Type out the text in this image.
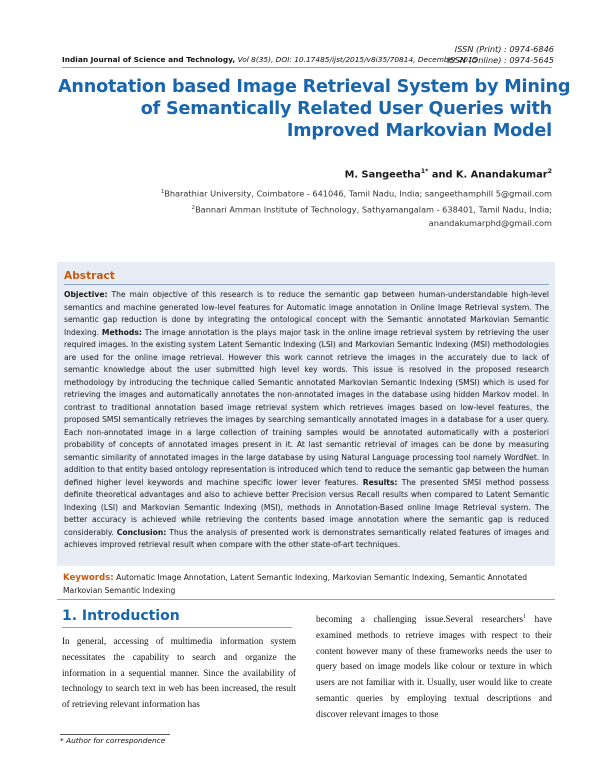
ISSN (Print) : 0974-6846
ISSN (Online) : 0974-5645
Indian Journal of Science and Technology, Vol 8(35), DOI: 10.17485/ijst/2015/v8i35/70814, December 2015
Annotation based Image Retrieval System by Mining
of Semantically Related User Queries with
Improved Markovian Model
M. Sangeetha$^{1*}$ and K. Anandakumar$^2$
$^1$Bharathiar University, Coimbatore - 641046, Tamil Nadu, India; sangeethamphill 5@gmail.com
$^2$Bannari Amman Institute of Technology, Sathyamangalam - 638401, Tamil Nadu, India;
anandakumarphd@gmail.com
Abstract
Objective: The main objective of this research is to reduce the semantic gap between human-understandable high-level semantics and machine generated low-level features for Automatic image annotation in Online Image Retrieval system. The semantic gap reduction is done by integrating the ontological concept with the Semantic annotated Markovian Semantic Indexing. Methods: The image annotation is the plays major task in the online image retrieval system by retrieving the user required images. In the existing system Latent Semantic Indexing (LSI) and Markovian Semantic Indexing (MSI) methodologies are used for the online image retrieval. However this work cannot retrieve the images in the accurately due to lack of semantic knowledge about the user submitted high level key words. This issue is resolved in the proposed research methodology by introducing the technique called Semantic annotated Markovian Semantic Indexing (SMSI) which is used for retrieving the images and automatically annotates the non-annotated images in the database using hidden Markov model. In contrast to traditional annotation based image retrieval system which retrieves images based on low-level features, the proposed SMSI semantically retrieves the images by searching semantically annotated images in a database for a user query. Each non-annotated image in a large collection of training samples would be annotated automatically with a posteriori probability of concepts of annotated images present in it. At last semantic retrieval of images can be done by measuring semantic similarity of annotated images in the large database by using Natural Language processing tool namely WordNet. In addition to that entity based ontology representation is introduced which tend to reduce the semantic gap between the human defined higher level keywords and machine specific lower lever features. Results: The presented SMSI method possess definite theoretical advantages and also to achieve better Precision versus Recall results when compared to Latent Semantic Indexing (LSI) and Markovian Semantic Indexing (MSI), methods in Annotation-Based online Image Retrieval system. The better accuracy is achieved while retrieving the contents based image annotation where the semantic gap is reduced considerably. Conclusion: Thus the analysis of presented work is demonstrates semantically related features of images and achieves improved retrieval result when compare with the other state-of-art techniques.
Keywords: Automatic Image Annotation, Latent Semantic Indexing, Markovian Semantic Indexing, Semantic Annotated Markovian Semantic Indexing
1. Introduction
In general, accessing of multimedia information system necessitates the capability to search and organize the information in a sequential manner. Since the availability of technology to search text in web has been increased, the result of retrieving relevant information has
becoming a challenging issue.Several researchers$^1$ have examined methods to retrieve images with respect to their content however many of these frameworks needs the user to query based on image models like colour or texture in which users are not familiar with it. Usually, user would like to create semantic queries by employing textual descriptions and discover relevant images to those
* Author for correspondence
